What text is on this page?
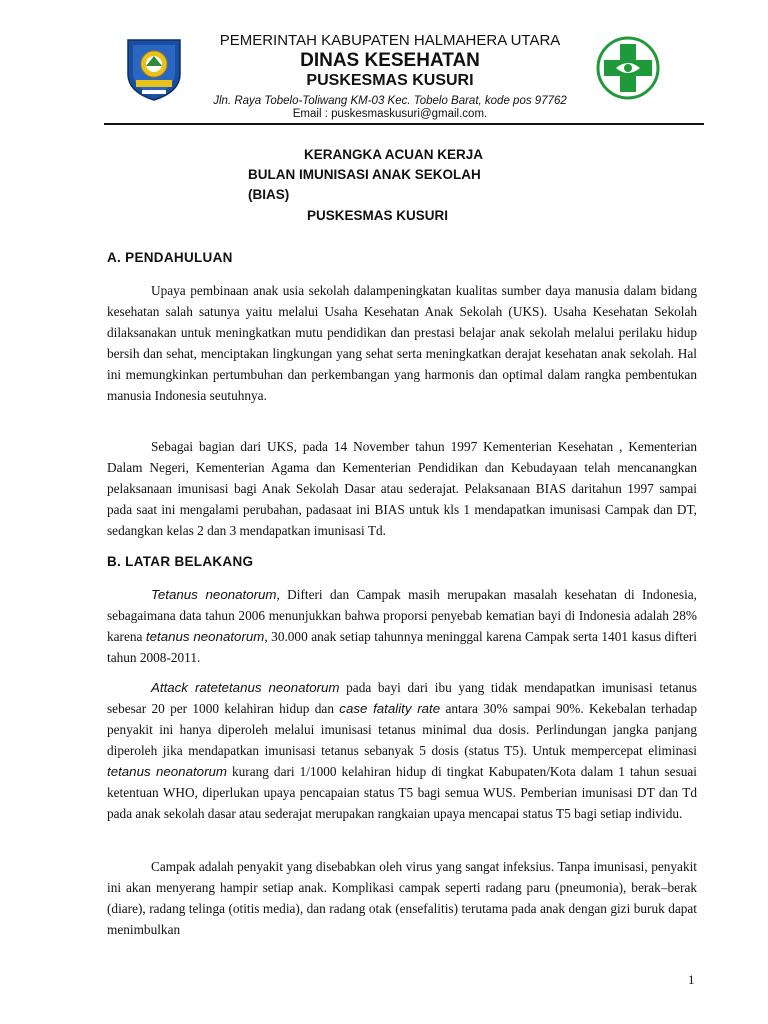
PEMERINTAH KABUPATEN HALMAHERA UTARA
DINAS KESEHATAN
PUSKESMAS KUSURI
Jln. Raya Tobelo-Toliwang KM-03 Kec. Tobelo Barat, kode pos 97762
Email : puskesmaskusuri@gmail.com.
KERANGKA ACUAN KERJA
BULAN IMUNISASI ANAK SEKOLAH
(BIAS)
PUSKESMAS KUSURI
A. PENDAHULUAN
Upaya pembinaan anak usia sekolah dalampeningkatan kualitas sumber daya manusia dalam bidang kesehatan salah satunya yaitu melalui Usaha Kesehatan Anak Sekolah (UKS). Usaha Kesehatan Sekolah dilaksanakan untuk meningkatkan mutu pendidikan dan prestasi belajar anak sekolah melalui perilaku hidup bersih dan sehat, menciptakan lingkungan yang sehat serta meningkatkan derajat kesehatan anak sekolah. Hal ini memungkinkan pertumbuhan dan perkembangan yang harmonis dan optimal dalam rangka pembentukan manusia Indonesia seutuhnya.
Sebagai bagian dari UKS, pada 14 November tahun 1997 Kementerian Kesehatan , Kementerian Dalam Negeri, Kementerian Agama dan Kementerian Pendidikan dan Kebudayaan telah mencanangkan pelaksanaan imunisasi bagi Anak Sekolah Dasar atau sederajat. Pelaksanaan BIAS daritahun 1997 sampai pada saat ini mengalami perubahan, padasaat ini BIAS untuk kls 1 mendapatkan imunisasi Campak dan DT, sedangkan kelas 2 dan 3 mendapatkan imunisasi Td.
B. LATAR BELAKANG
Tetanus neonatorum, Difteri dan Campak masih merupakan masalah kesehatan di Indonesia, sebagaimana data tahun 2006 menunjukkan bahwa proporsi penyebab kematian bayi di Indonesia adalah 28% karena tetanus neonatorum, 30.000 anak setiap tahunnya meninggal karena Campak serta 1401 kasus difteri tahun 2008-2011.
Attack ratetetanus neonatorum pada bayi dari ibu yang tidak mendapatkan imunisasi tetanus sebesar 20 per 1000 kelahiran hidup dan case fatality rate antara 30% sampai 90%. Kekebalan terhadap penyakit ini hanya diperoleh melalui imunisasi tetanus minimal dua dosis. Perlindungan jangka panjang diperoleh jika mendapatkan imunisasi tetanus sebanyak 5 dosis (status T5). Untuk mempercepat eliminasi tetanus neonatorum kurang dari 1/1000 kelahiran hidup di tingkat Kabupaten/Kota dalam 1 tahun sesuai ketentuan WHO, diperlukan upaya pencapaian status T5 bagi semua WUS. Pemberian imunisasi DT dan Td pada anak sekolah dasar atau sederajat merupakan rangkaian upaya mencapai status T5 bagi setiap individu.
Campak adalah penyakit yang disebabkan oleh virus yang sangat infeksius. Tanpa imunisasi, penyakit ini akan menyerang hampir setiap anak. Komplikasi campak seperti radang paru (pneumonia), berak–berak (diare), radang telinga (otitis media), dan radang otak (ensefalitis) terutama pada anak dengan gizi buruk dapat menimbulkan
1
